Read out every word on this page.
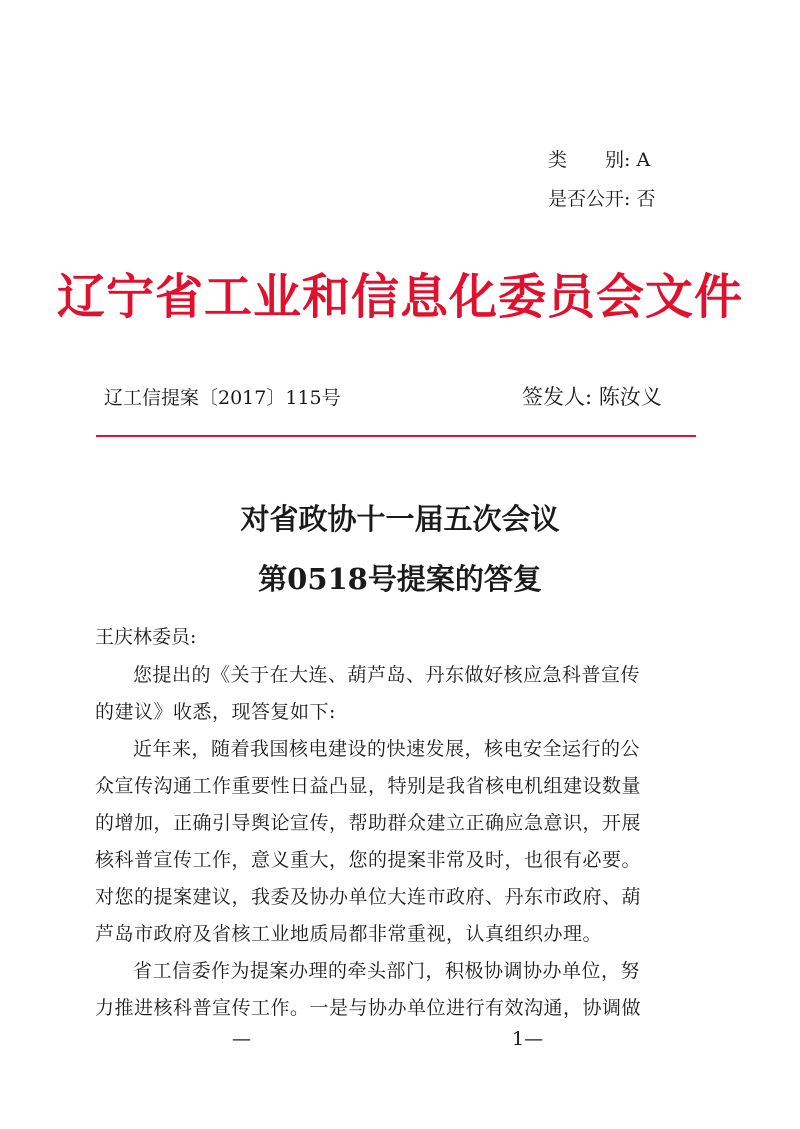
类　　别: A
是否公开: 否
辽宁省工业和信息化委员会文件
辽工信提案〔2017〕115号	签发人: 陈汝义
对省政协十一届五次会议
第0518号提案的答复
王庆林委员:
您提出的《关于在大连、葫芦岛、丹东做好核应急科普宣传
的建议》收悉，现答复如下:
近年来，随着我国核电建设的快速发展，核电安全运行的公
众宣传沟通工作重要性日益凸显，特别是我省核电机组建设数量
的增加，正确引导舆论宣传，帮助群众建立正确应急意识，开展
核科普宣传工作，意义重大，您的提案非常及时，也很有必要。
对您的提案建议，我委及协办单位大连市政府、丹东市政府、葫
芦岛市政府及省核工业地质局都非常重视，认真组织办理。
省工信委作为提案办理的牵头部门，积极协调协办单位，努
力推进核科普宣传工作。一是与协办单位进行有效沟通，协调做
—	1—
